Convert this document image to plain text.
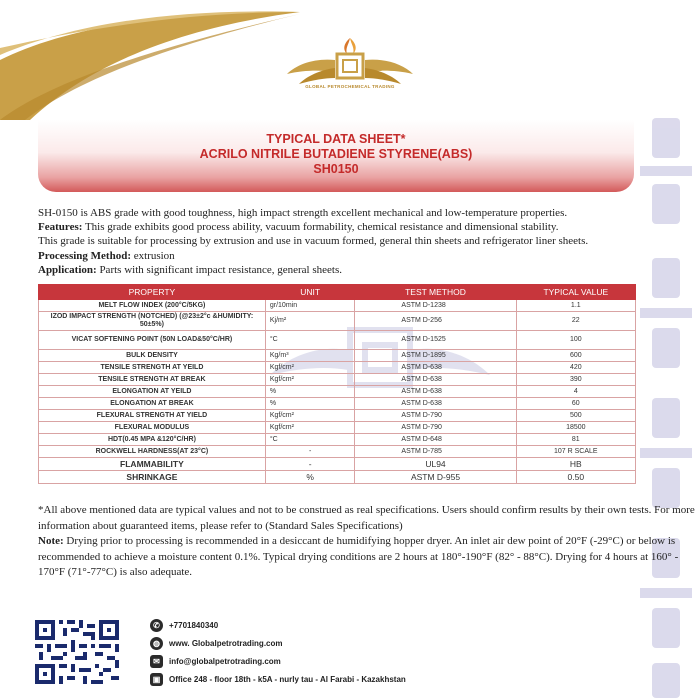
GLOBAL PETROCHEMICAL TRADING
TYPICAL DATA SHEET*
ACRILO NITRILE BUTADIENE STYRENE(ABS)
SH0150

SH-0150 is ABS grade with good toughness, high impact strength excellent mechanical and low-temperature properties.

Features: This grade exhibits good process ability, vacuum formability, chemical resistance and dimensional stability.

This grade is suitable for processing by extrusion and use in vacuum formed, general thin sheets and refrigerator liner sheets.

Processing Method: extrusion

Application: Parts with significant impact resistance, general sheets.

PROPERTY	UNIT	TEST METHOD	TYPICAL VALUE
MELT FLOW INDEX (200°C/5KG)	gr/10min	ASTM D-1238	1.1
IZOD IMPACT STRENGTH (NOTCHED) (@23±2°c &HUMIDITY: 50±5%)	Kj/m²	ASTM D-256	22
VICAT SOFTENING POINT (50N LOAD&50°C/HR)	°C	ASTM D-1525	100
BULK DENSITY	Kg/m³	ASTM D-1895	600
TENSILE STRENGTH AT YEILD	Kgf/cm²	ASTM D-638	420
TENSILE STRENGTH AT BREAK	Kgf/cm²	ASTM D-638	390
ELONGATION AT YEILD	%	ASTM D-638	4
ELONGATION AT BREAK	%	ASTM D-638	60
FLEXURAL STRENGTH AT YIELD	Kgf/cm²	ASTM D-790	500
FLEXURAL MODULUS	Kgf/cm²	ASTM D-790	18500
HDT(0.45 MPA &120°C/HR)	°C	ASTM D-648	81
ROCKWELL HARDNESS(AT 23°C)	-	ASTM D-785	107 R SCALE
FLAMMABILITY	-	UL94	HB
SHRINKAGE	%	ASTM D-955	0.50

*All above mentioned data are typical values and not to be construed as real specifications. Users should confirm results by their own tests. For more information about guaranteed items, please refer to (Standard Sales Specifications)

Note: Drying prior to processing is recommended in a desiccant de humidifying hopper dryer. An inlet air dew point of 20°F (-29°C) or below is recommended to achieve a moisture content 0.1%. Typical drying conditions are 2 hours at 180°-190°F (82° - 88°C). Drying for 4 hours at 160° - 170°F (71°-77°C) is also adequate.

✆	+7701840340
◍	www. Globalpetrotrading.com
✉	info@globalpetrotrading.com
▣	Office 248 - floor 18th - k5A - nurly tau - Al Farabi - Kazakhstan
